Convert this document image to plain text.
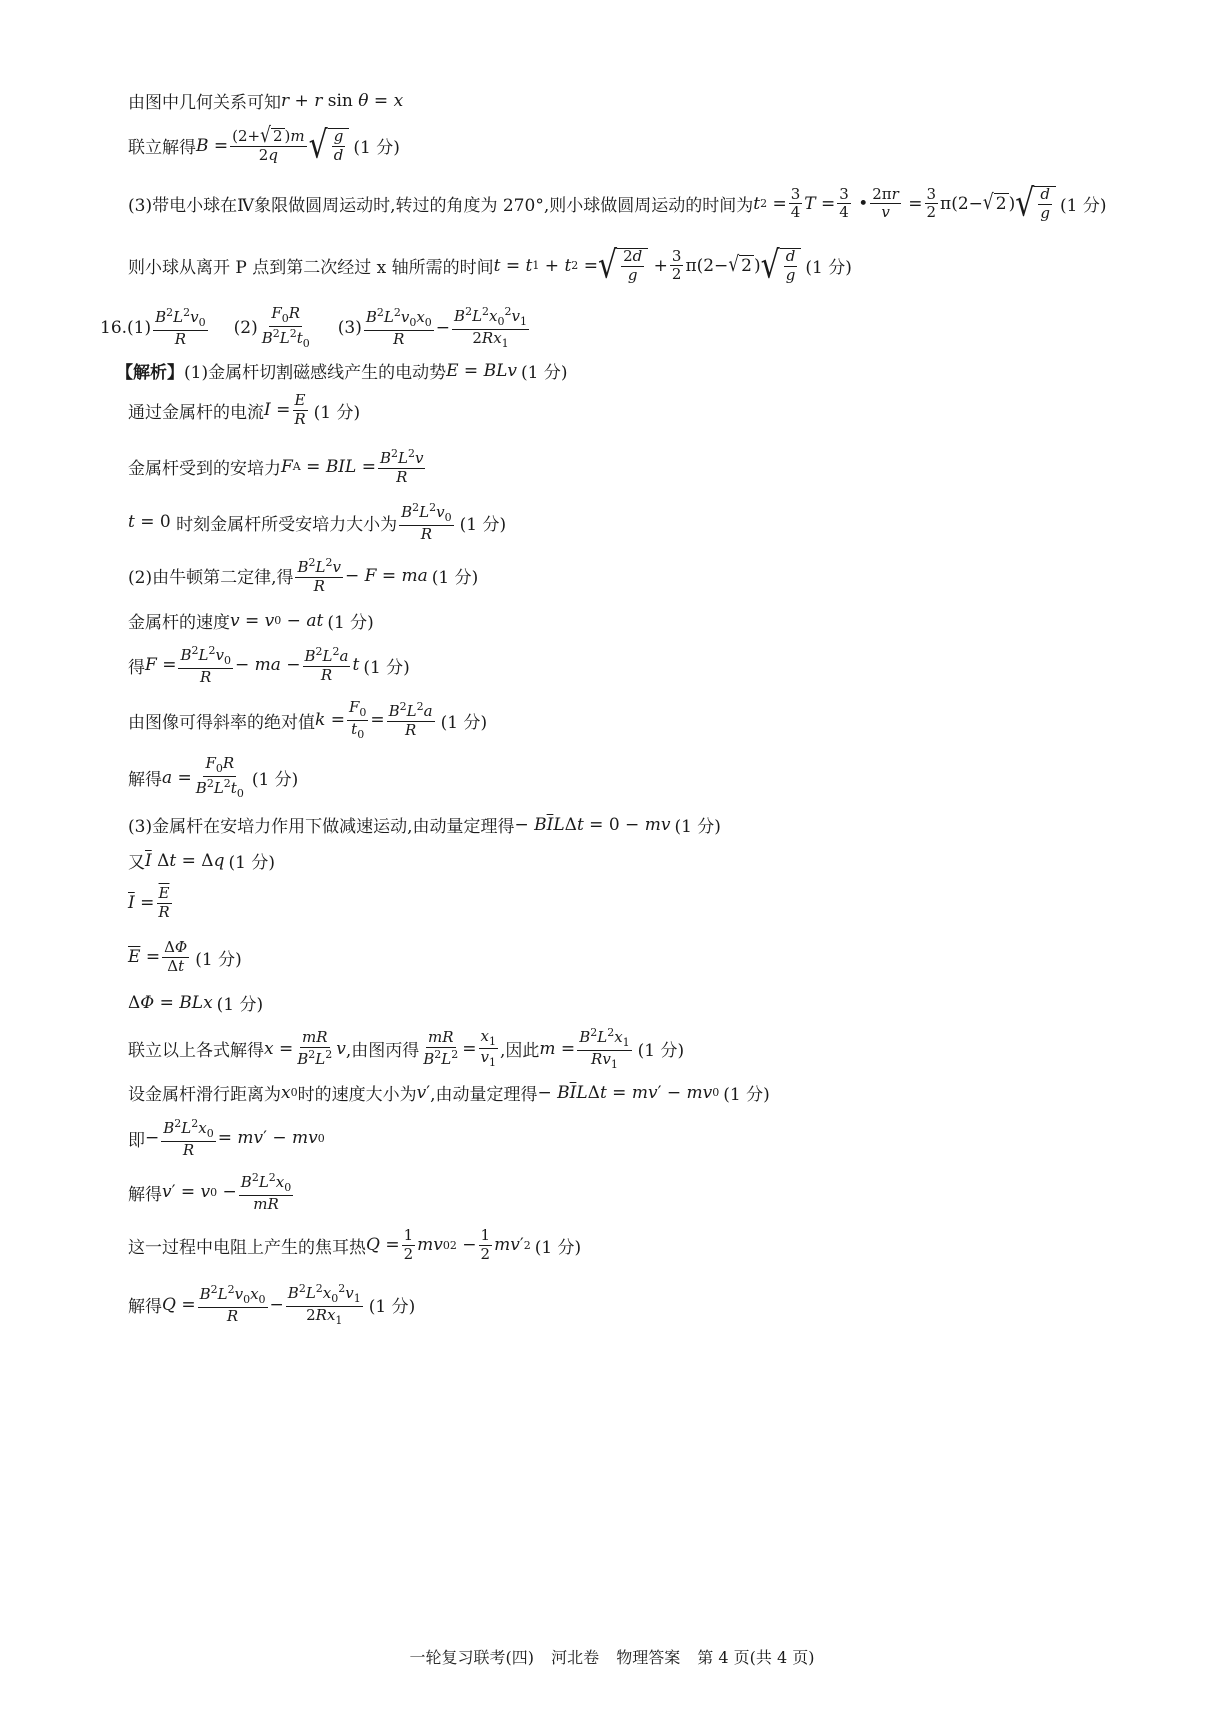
由图中几何关系可知 r + r sin θ = x
联立解得 $B = \frac{(2+ √ 2 )m}{2q}$ √ $\frac{g}{d} (1$ 分)
(3)带电小球在Ⅳ象限做圆周运动时,转过的角度为 270°,则小球做圆周运动的时间为 t $2 = \frac{3}{4}$ $T = \frac{3}{4}$ • $\frac{2\pi r}{v} = \frac{3}{2} \pi(2-$ √ 2 ) √ $\frac{d}{g} (1$ 分)
则小球从离开 P 点到第二次经过 x 轴所需的时间 t = t 1 + t 2 = √ $\frac{2d}{g} + \frac{3}{2} \pi(2-$ √ 2 ) √ $\frac{d}{g} (1$ 分)
16. $(1) \frac{B^2L^2v_0}{R} (2) \frac{F_0R}{B^2L^2t_0} (3) \frac{B^2L^2v_0x_0}{R} - \frac{B^2L^2x_0^2v_1}{2Rx_1}$
【解析】 (1)金属杆切割磁感线产生的电动势 E = BLv (1 分)
通过金属杆的电流 $I = \frac{E}{R} (1$ 分)
金属杆受到的安培力 F A = BIL = $\frac{B^2L^2v}{R}$
t = 0 时刻金属杆所受安培力大小为 $\frac{B^2L^2v_0}{R} (1$ 分)
(2)由牛顿第二定律,得 $\frac{B^2L^2v}{R} - F$ = ma (1 分)
金属杆的速度 v = v 0 − at (1 分)
得 $F = \frac{B^2L^2v_0}{R}$ − ma − $\frac{B^2L^2a}{R}$ t (1 分)
由图像可得斜率的绝对值 $k = \frac{F_0}{t_0} = \frac{B^2L^2a}{R} (1$ 分)
解得 $a = \frac{F_0R}{B^2L^2t_0} (1$ 分)
(3)金属杆在安培力作用下做减速运动,由动量定理得 − B $\overline{I}$ L Δ t = 0 − mv (1 分)
又 $\overline{I}$ Δ t = Δ q (1 分)
$\overline{I} = \frac{\overline{E}}{R}$
$\overline{E} = \frac{\Delta\Phi}{\Delta t} (1$ 分)
Δ Φ = BLx (1 分)
联立以上各式解得 $x = \frac{mR}{B^2L^2}$ v ,由图丙得 $\frac{mR}{B^2L^2} = \frac{x_1}{v_1}$ ,因此 $m = \frac{B^2L^2x_1}{Rv_1} (1$ 分)
设金属杆滑行距离为 x 0 时的速度大小为 v ′ ,由动量定理得 − B $\overline{I}$ L Δ t = mv ′ − mv 0 (1 分)
即 − $\frac{B^2L^2x_0}{R}$ = mv ′ − mv 0
解得 v ′ = v $0 - \frac{B^2L^2x_0}{mR}$
这一过程中电阻上产生的焦耳热 $Q = \frac{1}{2}$ mv 0 $2 - \frac{1}{2}$ mv ′ 2 (1 分)
解得 $Q = \frac{B^2L^2v_0x_0}{R} - \frac{B^2L^2x_0^2v_1}{2Rx_1} (1$ 分)
一轮复习联考(四) 河北卷 物理答案 第 4 页(共 4 页)
